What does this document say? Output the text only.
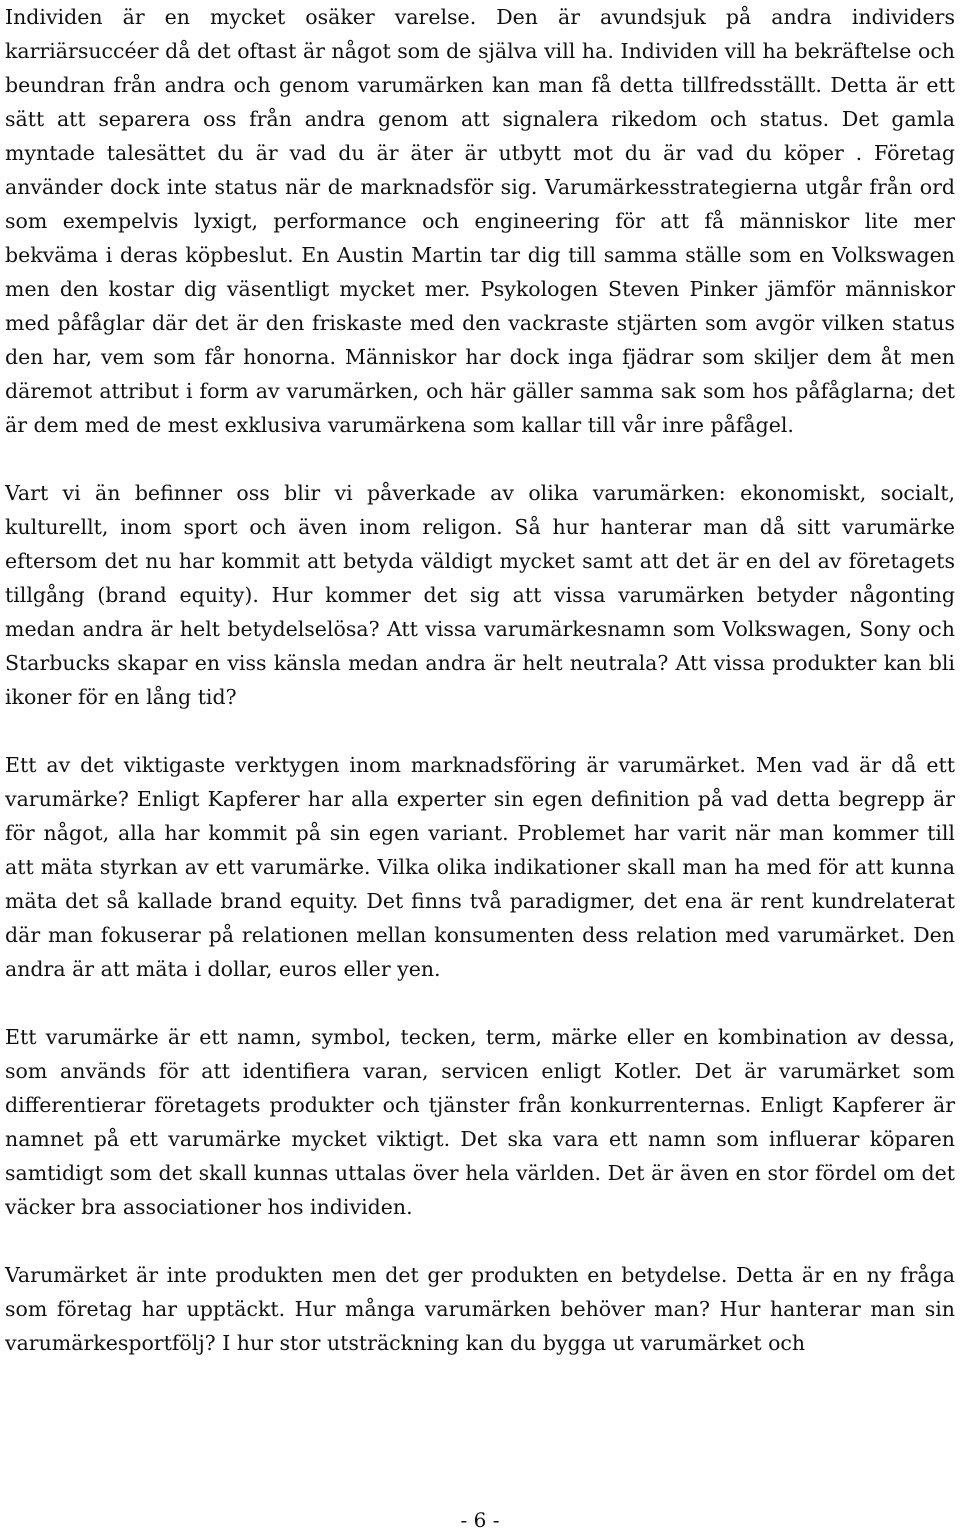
Individen är en mycket osäker varelse. Den är avundsjuk på andra individers karriärsuccéer då det oftast är något som de själva vill ha. Individen vill ha bekräftelse och beundran från andra och genom varumärken kan man få detta tillfredsställt. Detta är ett sätt att separera oss från andra genom att signalera rikedom och status. Det gamla myntade talesättet du är vad du är äter är utbytt mot du är vad du köper . Företag använder dock inte status när de marknadsför sig. Varumärkesstrategierna utgår från ord som exempelvis lyxigt, performance och engineering för att få människor lite mer bekväma i deras köpbeslut. En Austin Martin tar dig till samma ställe som en Volkswagen men den kostar dig väsentligt mycket mer. Psykologen Steven Pinker jämför människor med påfåglar där det är den friskaste med den vackraste stjärten som avgör vilken status den har, vem som får honorna. Människor har dock inga fjädrar som skiljer dem åt men däremot attribut i form av varumärken, och här gäller samma sak som hos påfåglarna; det är dem med de mest exklusiva varumärkena som kallar till vår inre påfågel.

Vart vi än befinner oss blir vi påverkade av olika varumärken: ekonomiskt, socialt, kulturellt, inom sport och även inom religon. Så hur hanterar man då sitt varumärke eftersom det nu har kommit att betyda väldigt mycket samt att det är en del av företagets tillgång (brand equity). Hur kommer det sig att vissa varumärken betyder någonting medan andra är helt betydelselösa? Att vissa varumärkesnamn som Volkswagen, Sony och Starbucks skapar en viss känsla medan andra är helt neutrala? Att vissa produkter kan bli ikoner för en lång tid?

Ett av det viktigaste verktygen inom marknadsföring är varumärket. Men vad är då ett varumärke? Enligt Kapferer har alla experter sin egen definition på vad detta begrepp är för något, alla har kommit på sin egen variant. Problemet har varit när man kommer till att mäta styrkan av ett varumärke. Vilka olika indikationer skall man ha med för att kunna mäta det så kallade brand equity. Det finns två paradigmer, det ena är rent kundrelaterat där man fokuserar på relationen mellan konsumenten dess relation med varumärket. Den andra är att mäta i dollar, euros eller yen.

Ett varumärke är ett namn, symbol, tecken, term, märke eller en kombination av dessa, som används för att identifiera varan, servicen enligt Kotler. Det är varumärket som differentierar företagets produkter och tjänster från konkurrenternas. Enligt Kapferer är namnet på ett varumärke mycket viktigt. Det ska vara ett namn som influerar köparen samtidigt som det skall kunnas uttalas över hela världen. Det är även en stor fördel om det väcker bra associationer hos individen.

Varumärket är inte produkten men det ger produkten en betydelse. Detta är en ny fråga som företag har upptäckt. Hur många varumärken behöver man? Hur hanterar man sin varumärkesportfölj? I hur stor utsträckning kan du bygga ut varumärket och

- 6 -
